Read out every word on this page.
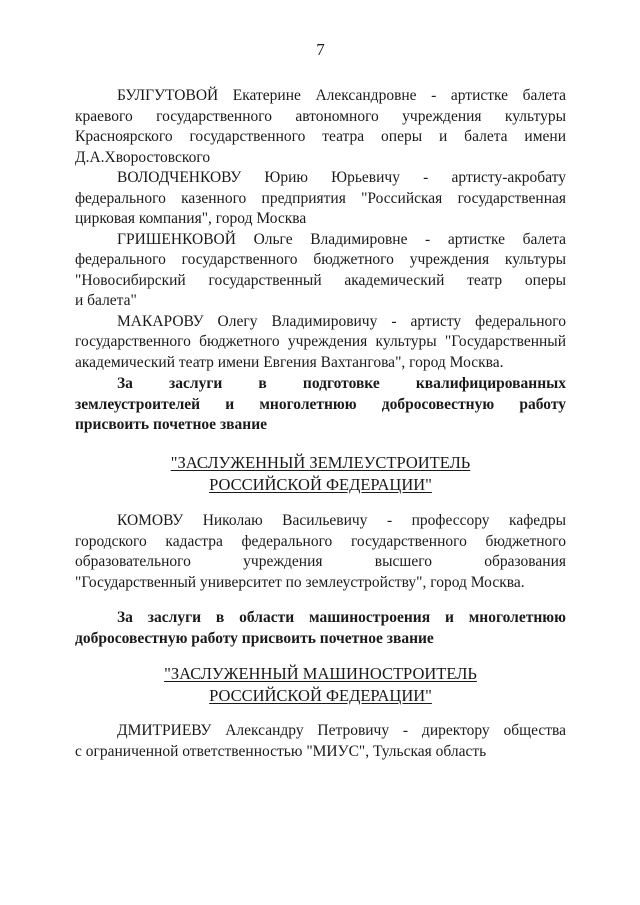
7
БУЛГУТОВОЙ Екатерине Александровне - артистке балета
краевого государственного автономного учреждения культуры
Красноярского государственного театра оперы и балета имени
Д.А.Хворостовского
ВОЛОДЧЕНКОВУ Юрию Юрьевичу - артисту-акробату
федерального казенного предприятия "Российская государственная
цирковая компания", город Москва
ГРИШЕНКОВОЙ Ольге Владимировне - артистке балета
федерального государственного бюджетного учреждения культуры
"Новосибирский государственный академический театр оперы
и балета"
МАКАРОВУ Олегу Владимировичу - артисту федерального
государственного бюджетного учреждения культуры "Государственный
академический театр имени Евгения Вахтангова", город Москва.
За заслуги в подготовке квалифицированных
землеустроителей и многолетнюю добросовестную работу
присвоить почетное звание
"ЗАСЛУЖЕННЫЙ ЗЕМЛЕУСТРОИТЕЛЬ
РОССИЙСКОЙ ФЕДЕРАЦИИ"
КОМОВУ Николаю Васильевичу - профессору кафедры
городского кадастра федерального государственного бюджетного
образовательного учреждения высшего образования
"Государственный университет по землеустройству", город Москва.
За заслуги в области машиностроения и многолетнюю
добросовестную работу присвоить почетное звание
"ЗАСЛУЖЕННЫЙ МАШИНОСТРОИТЕЛЬ
РОССИЙСКОЙ ФЕДЕРАЦИИ"
ДМИТРИЕВУ Александру Петровичу - директору общества
с ограниченной ответственностью "МИУС", Тульская область
